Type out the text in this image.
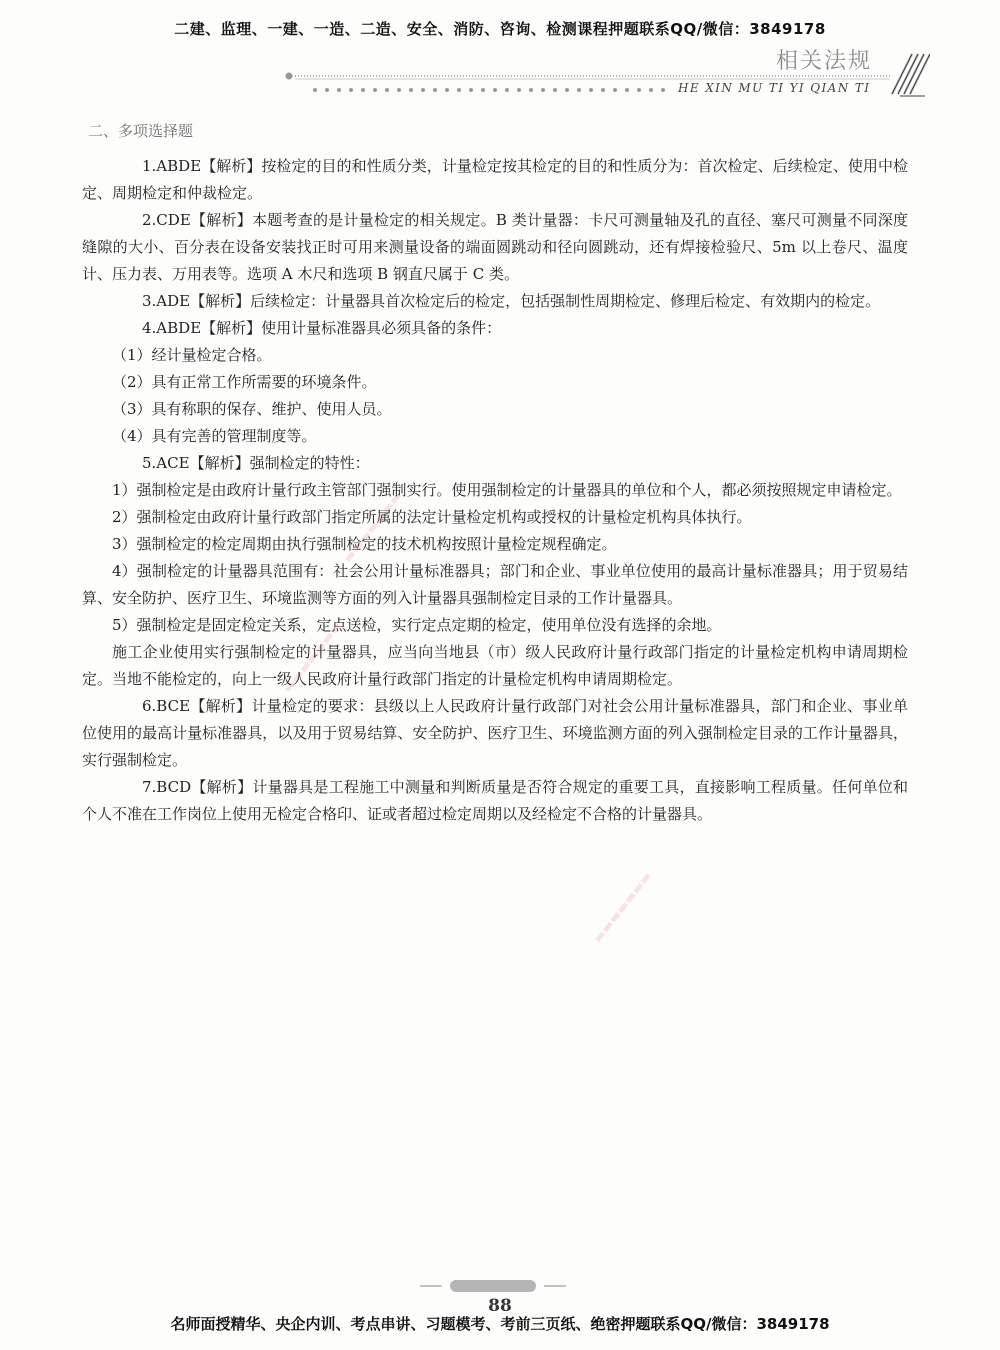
二建、监理、一建、一造、二造、安全、消防、咨询、检测课程押题联系QQ/微信：3849178
相关法规
HE XIN MU TI YI QIAN TI
二、多项选择题

1.ABDE【解析】按检定的目的和性质分类，计量检定按其检定的目的和性质分为：首次检定、后续检定、使用中检定、周期检定和仲裁检定。

2.CDE【解析】本题考查的是计量检定的相关规定。B 类计量器：卡尺可测量轴及孔的直径、塞尺可测量不同深度缝隙的大小、百分表在设备安装找正时可用来测量设备的端面圆跳动和径向圆跳动，还有焊接检验尺、5m 以上卷尺、温度计、压力表、万用表等。选项 A 木尺和选项 B 钢直尺属于 C 类。

3.ADE【解析】后续检定：计量器具首次检定后的检定，包括强制性周期检定、修理后检定、有效期内的检定。

4.ABDE【解析】使用计量标准器具必须具备的条件：

（1）经计量检定合格。

（2）具有正常工作所需要的环境条件。

（3）具有称职的保存、维护、使用人员。

（4）具有完善的管理制度等。

5.ACE【解析】强制检定的特性：

1）强制检定是由政府计量行政主管部门强制实行。使用强制检定的计量器具的单位和个人，都必须按照规定申请检定。

2）强制检定由政府计量行政部门指定所属的法定计量检定机构或授权的计量检定机构具体执行。

3）强制检定的检定周期由执行强制检定的技术机构按照计量检定规程确定。

4）强制检定的计量器具范围有：社会公用计量标准器具；部门和企业、事业单位使用的最高计量标准器具；用于贸易结算、安全防护、医疗卫生、环境监测等方面的列入计量器具强制检定目录的工作计量器具。

5）强制检定是固定检定关系，定点送检，实行定点定期的检定，使用单位没有选择的余地。

施工企业使用实行强制检定的计量器具，应当向当地县（市）级人民政府计量行政部门指定的计量检定机构申请周期检定。当地不能检定的，向上一级人民政府计量行政部门指定的计量检定机构申请周期检定。

6.BCE【解析】计量检定的要求：县级以上人民政府计量行政部门对社会公用计量标准器具，部门和企业、事业单位使用的最高计量标准器具，以及用于贸易结算、安全防护、医疗卫生、环境监测方面的列入强制检定目录的工作计量器具，实行强制检定。

7.BCD【解析】计量器具是工程施工中测量和判断质量是否符合规定的重要工具，直接影响工程质量。任何单位和个人不准在工作岗位上使用无检定合格印、证或者超过检定周期以及经检定不合格的计量器具。

▬▬▬▬▬▬▬
▬▬▬▬▬▬▬
▬▬▬▬▬▬▬
88
名师面授精华、央企内训、考点串讲、习题模考、考前三页纸、绝密押题联系QQ/微信：3849178
